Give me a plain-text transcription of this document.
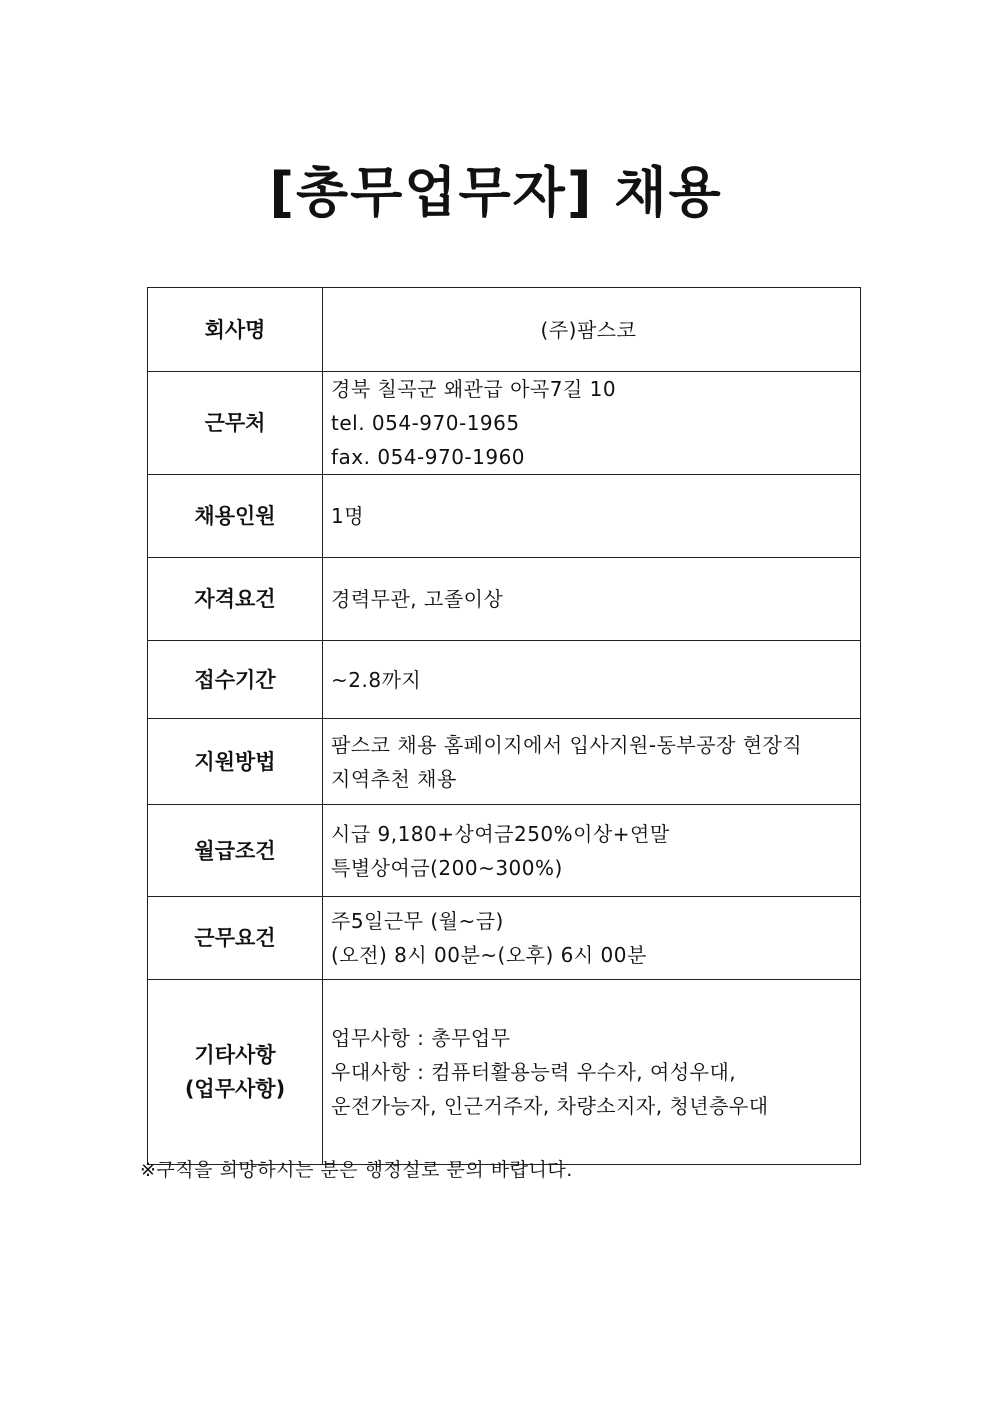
[총무업무자] 채용
회사명	(주)팜스코

근무처	경북 칠곡군 왜관급 아곡7길 10
tel. 054-970-1965
fax. 054-970-1960

채용인원	1명

자격요건	경력무관, 고졸이상

접수기간	~2.8까지

지원방법	팜스코 채용 홈페이지에서 입사지원-동부공장 현장직
지역추천 채용

월급조건	시급 9,180+상여금250%이상+연말
특별상여금(200~300%)

근무요건	주5일근무 (월~금)
(오전) 8시 00분~(오후) 6시 00분

기타사항
(업무사항)	업무사항 : 총무업무
우대사항 : 컴퓨터활용능력 우수자, 여성우대,
운전가능자, 인근거주자, 차량소지자, 청년층우대
※구직을 희망하시는 분은 행정실로 문의 바랍니다.
